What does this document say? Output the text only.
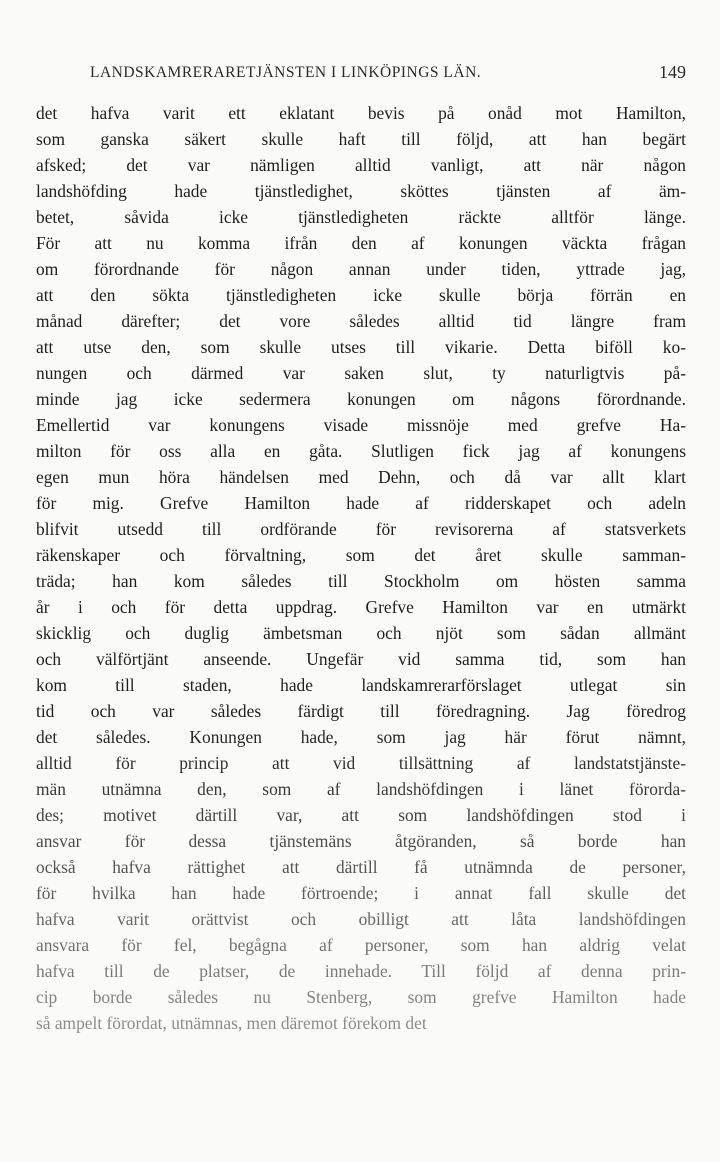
LANDSKAMRERARETJÄNSTEN I LINKÖPINGS LÄN.	149
det hafva varit ett eklatant bevis på onåd mot Hamilton,
som ganska säkert skulle haft till följd, att han begärt
afsked; det var nämligen alltid vanligt, att när någon
landshöfding hade tjänstledighet, sköttes tjänsten af äm-
betet, såvida icke tjänstledigheten räckte alltför länge.
För att nu komma ifrån den af konungen väckta frågan
om förordnande för någon annan under tiden, yttrade jag,
att den sökta tjänstledigheten icke skulle börja förrän en
månad därefter; det vore således alltid tid längre fram
att utse den, som skulle utses till vikarie. Detta biföll ko-
nungen och därmed var saken slut, ty naturligtvis på-
minde jag icke sedermera konungen om någons förordnande.
Emellertid var konungens visade missnöje med grefve Ha-
milton för oss alla en gåta. Slutligen fick jag af konungens
egen mun höra händelsen med Dehn, och då var allt klart
för mig. Grefve Hamilton hade af ridderskapet och adeln
blifvit utsedd till ordförande för revisorerna af statsverkets
räkenskaper och förvaltning, som det året skulle samman-
träda; han kom således till Stockholm om hösten samma
år i och för detta uppdrag. Grefve Hamilton var en utmärkt
skicklig och duglig ämbetsman och njöt som sådan allmänt
och välförtjänt anseende. Ungefär vid samma tid, som han
kom till staden, hade landskamrerarförslaget utlegat sin
tid och var således färdigt till föredragning. Jag föredrog
det således. Konungen hade, som jag här förut nämnt,
alltid för princip att vid tillsättning af landstatstjänste-
män utnämna den, som af landshöfdingen i länet förorda-
des; motivet därtill var, att som landshöfdingen stod i
ansvar för dessa tjänstemäns åtgöranden, så borde han
också hafva rättighet att därtill få utnämnda de personer,
för hvilka han hade förtroende; i annat fall skulle det
hafva varit orättvist och obilligt att låta landshöfdingen
ansvara för fel, begågna af personer, som han aldrig velat
hafva till de platser, de innehade. Till följd af denna prin-
cip borde således nu Stenberg, som grefve Hamilton hade
så ampelt förordat, utnämnas, men däremot förekom det
